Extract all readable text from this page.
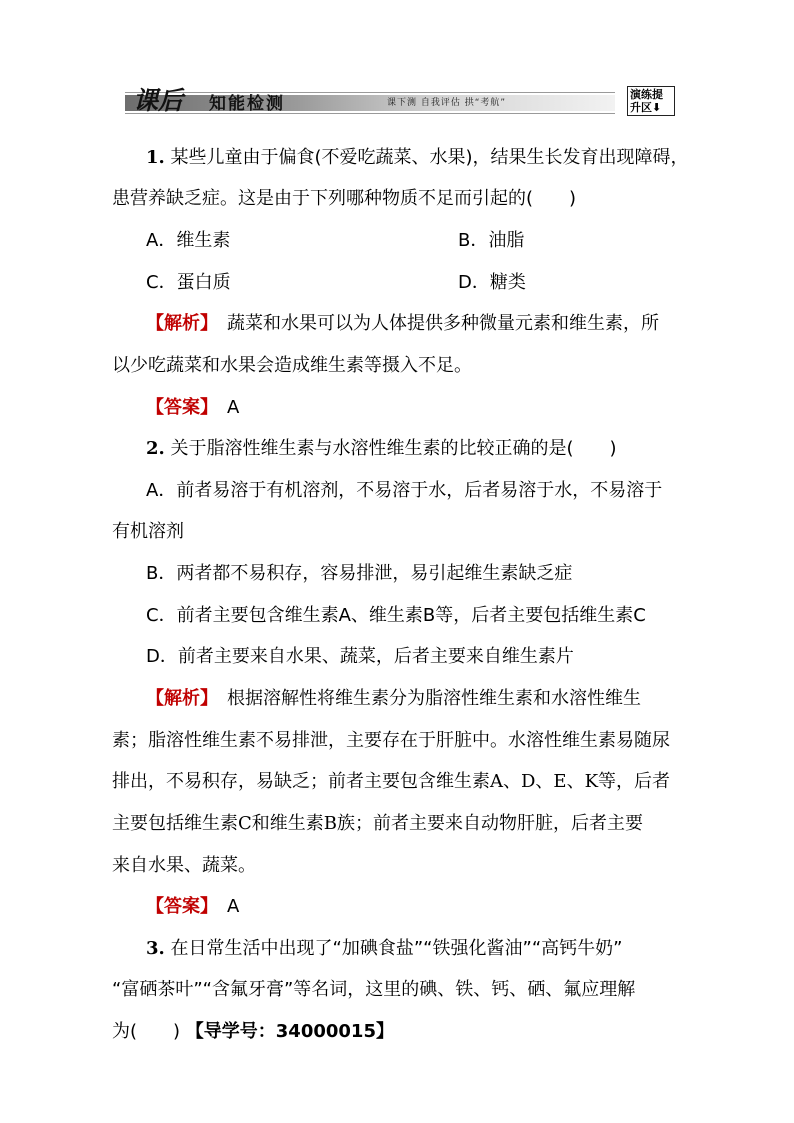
课后 知能检测	课下测 自我评估 拱“考航”
演练提
升区⬇
1. 某些儿童由于偏食(不爱吃蔬菜、水果)，结果生长发育出现障碍，
患营养缺乏症。这是由于下列哪种物质不足而引起的(　　)
A．维生素	B．油脂
C．蛋白质	D．糖类
【解析】　蔬菜和水果可以为人体提供多种微量元素和维生素，所
以少吃蔬菜和水果会造成维生素等摄入不足。
【答案】　A
2. 关于脂溶性维生素与水溶性维生素的比较正确的是(　　)
A．前者易溶于有机溶剂，不易溶于水，后者易溶于水，不易溶于
有机溶剂
B．两者都不易积存，容易排泄，易引起维生素缺乏症
C．前者主要包含维生素A、维生素B等，后者主要包括维生素C
D．前者主要来自水果、蔬菜，后者主要来自维生素片
【解析】　根据溶解性将维生素分为脂溶性维生素和水溶性维生
素；脂溶性维生素不易排泄，主要存在于肝脏中。水溶性维生素易随尿
排出，不易积存，易缺乏；前者主要包含维生素A、D、E、K等，后者
主要包括维生素C和维生素B族；前者主要来自动物肝脏，后者主要
来自水果、蔬菜。
【答案】　A
3. 在日常生活中出现了“加碘食盐”“铁强化酱油”“高钙牛奶”
“富硒茶叶”“含氟牙膏”等名词，这里的碘、铁、钙、硒、氟应理解
为(　　) 【导学号：34000015】
